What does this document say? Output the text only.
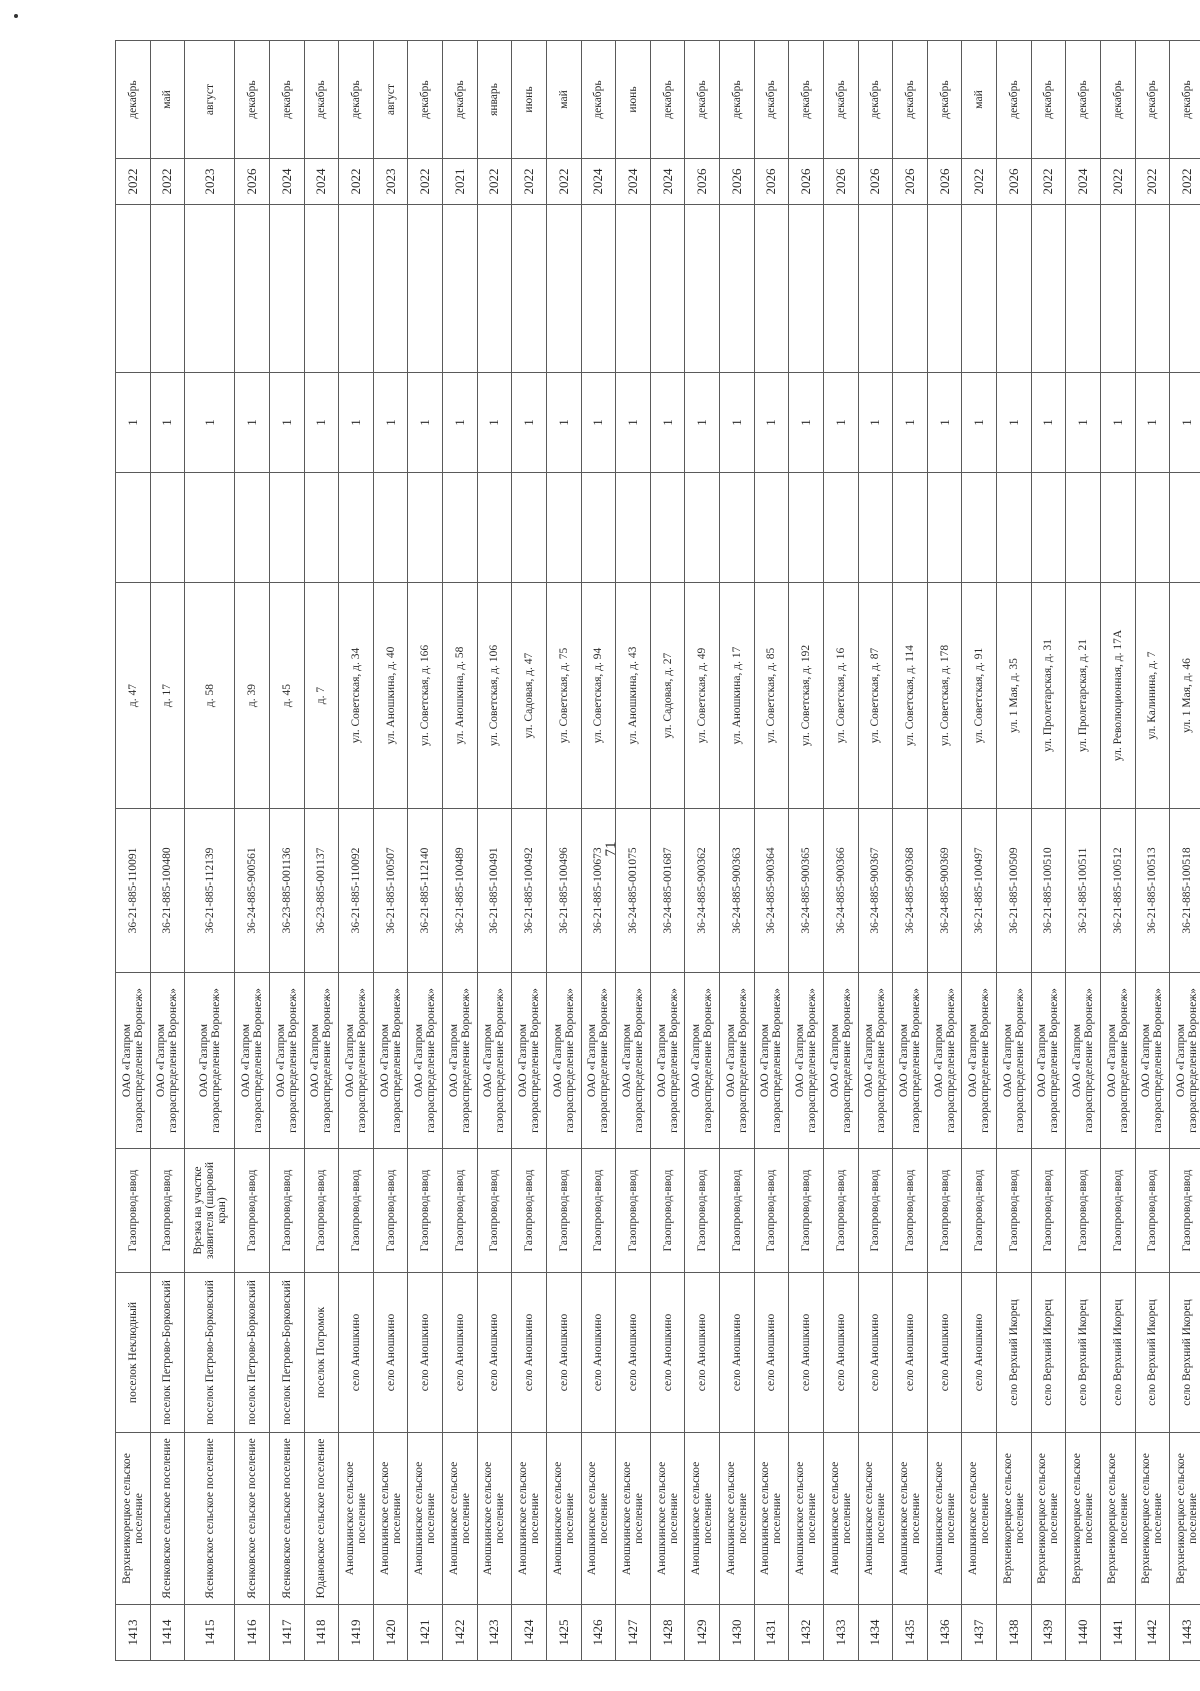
71
1413	Верхнеикорецкое сельское поселение	поселок Неклюдный	Газопровод-ввод	ОАО «Газпром газораспределение Воронеж»	36-21-885-110091	д. 47		1		2022	декабрь
1414	Ясенковское сельское поселение	поселок Петрово-Борковский	Газопровод-ввод	ОАО «Газпром газораспределение Воронеж»	36-21-885-100480	д. 17		1		2022	май
1415	Ясенковское сельское поселение	поселок Петрово-Борковский	Врезка на участке заявителя (шаровой кран)	ОАО «Газпром газораспределение Воронеж»	36-21-885-112139	д. 58		1		2023	август
1416	Ясенковское сельское поселение	поселок Петрово-Борковский	Газопровод-ввод	ОАО «Газпром газораспределение Воронеж»	36-24-885-900561	д. 39		1		2026	декабрь
1417	Ясенковское сельское поселение	поселок Петрово-Борковский	Газопровод-ввод	ОАО «Газпром газораспределение Воронеж»	36-23-885-001136	д. 45		1		2024	декабрь
1418	Юдановское сельское поселение	поселок Погромок	Газопровод-ввод	ОАО «Газпром газораспределение Воронеж»	36-23-885-001137	д. 7		1		2024	декабрь
1419	Аношкинское сельское поселение	село Аношкино	Газопровод-ввод	ОАО «Газпром газораспределение Воронеж»	36-21-885-110092	ул. Советская, д. 34		1		2022	декабрь
1420	Аношкинское сельское поселение	село Аношкино	Газопровод-ввод	ОАО «Газпром газораспределение Воронеж»	36-21-885-100507	ул. Аношкина, д. 40		1		2023	август
1421	Аношкинское сельское поселение	село Аношкино	Газопровод-ввод	ОАО «Газпром газораспределение Воронеж»	36-21-885-112140	ул. Советская, д. 166		1		2022	декабрь
1422	Аношкинское сельское поселение	село Аношкино	Газопровод-ввод	ОАО «Газпром газораспределение Воронеж»	36-21-885-100489	ул. Аношкина, д. 58		1		2021	декабрь
1423	Аношкинское сельское поселение	село Аношкино	Газопровод-ввод	ОАО «Газпром газораспределение Воронеж»	36-21-885-100491	ул. Советская, д. 106		1		2022	январь
1424	Аношкинское сельское поселение	село Аношкино	Газопровод-ввод	ОАО «Газпром газораспределение Воронеж»	36-21-885-100492	ул. Садовая, д. 47		1		2022	июнь
1425	Аношкинское сельское поселение	село Аношкино	Газопровод-ввод	ОАО «Газпром газораспределение Воронеж»	36-21-885-100496	ул. Советская, д. 75		1		2022	май
1426	Аношкинское сельское поселение	село Аношкино	Газопровод-ввод	ОАО «Газпром газораспределение Воронеж»	36-21-885-100673	ул. Советская, д. 94		1		2024	декабрь
1427	Аношкинское сельское поселение	село Аношкино	Газопровод-ввод	ОАО «Газпром газораспределение Воронеж»	36-24-885-001075	ул. Аношкина, д. 43		1		2024	июнь
1428	Аношкинское сельское поселение	село Аношкино	Газопровод-ввод	ОАО «Газпром газораспределение Воронеж»	36-24-885-001687	ул. Садовая, д. 27		1		2024	декабрь
1429	Аношкинское сельское поселение	село Аношкино	Газопровод-ввод	ОАО «Газпром газораспределение Воронеж»	36-24-885-900362	ул. Советская, д. 49		1		2026	декабрь
1430	Аношкинское сельское поселение	село Аношкино	Газопровод-ввод	ОАО «Газпром газораспределение Воронеж»	36-24-885-900363	ул. Аношкина, д. 17		1		2026	декабрь
1431	Аношкинское сельское поселение	село Аношкино	Газопровод-ввод	ОАО «Газпром газораспределение Воронеж»	36-24-885-900364	ул. Советская, д. 85		1		2026	декабрь
1432	Аношкинское сельское поселение	село Аношкино	Газопровод-ввод	ОАО «Газпром газораспределение Воронеж»	36-24-885-900365	ул. Советская, д. 192		1		2026	декабрь
1433	Аношкинское сельское поселение	село Аношкино	Газопровод-ввод	ОАО «Газпром газораспределение Воронеж»	36-24-885-900366	ул. Советская, д. 16		1		2026	декабрь
1434	Аношкинское сельское поселение	село Аношкино	Газопровод-ввод	ОАО «Газпром газораспределение Воронеж»	36-24-885-900367	ул. Советская, д. 87		1		2026	декабрь
1435	Аношкинское сельское поселение	село Аношкино	Газопровод-ввод	ОАО «Газпром газораспределение Воронеж»	36-24-885-900368	ул. Советская, д. 114		1		2026	декабрь
1436	Аношкинское сельское поселение	село Аношкино	Газопровод-ввод	ОАО «Газпром газораспределение Воронеж»	36-24-885-900369	ул. Советская, д. 178		1		2026	декабрь
1437	Аношкинское сельское поселение	село Аношкино	Газопровод-ввод	ОАО «Газпром газораспределение Воронеж»	36-21-885-100497	ул. Советская, д. 91		1		2022	май
1438	Верхнеикорецкое сельское поселение	село Верхний Икорец	Газопровод-ввод	ОАО «Газпром газораспределение Воронеж»	36-21-885-100509	ул. 1 Мая, д. 35		1		2026	декабрь
1439	Верхнеикорецкое сельское поселение	село Верхний Икорец	Газопровод-ввод	ОАО «Газпром газораспределение Воронеж»	36-21-885-100510	ул. Пролетарская, д. 31		1		2022	декабрь
1440	Верхнеикорецкое сельское поселение	село Верхний Икорец	Газопровод-ввод	ОАО «Газпром газораспределение Воронеж»	36-21-885-100511	ул. Пролетарская, д. 21		1		2024	декабрь
1441	Верхнеикорецкое сельское поселение	село Верхний Икорец	Газопровод-ввод	ОАО «Газпром газораспределение Воронеж»	36-21-885-100512	ул. Революционная, д. 17А		1		2022	декабрь
1442	Верхнеикорецкое сельское поселение	село Верхний Икорец	Газопровод-ввод	ОАО «Газпром газораспределение Воронеж»	36-21-885-100513	ул. Калинина, д. 7		1		2022	декабрь
1443	Верхнеикорецкое сельское поселение	село Верхний Икорец	Газопровод-ввод	ОАО «Газпром газораспределение Воронеж»	36-21-885-100518	ул. 1 Мая, д. 46		1		2022	декабрь
